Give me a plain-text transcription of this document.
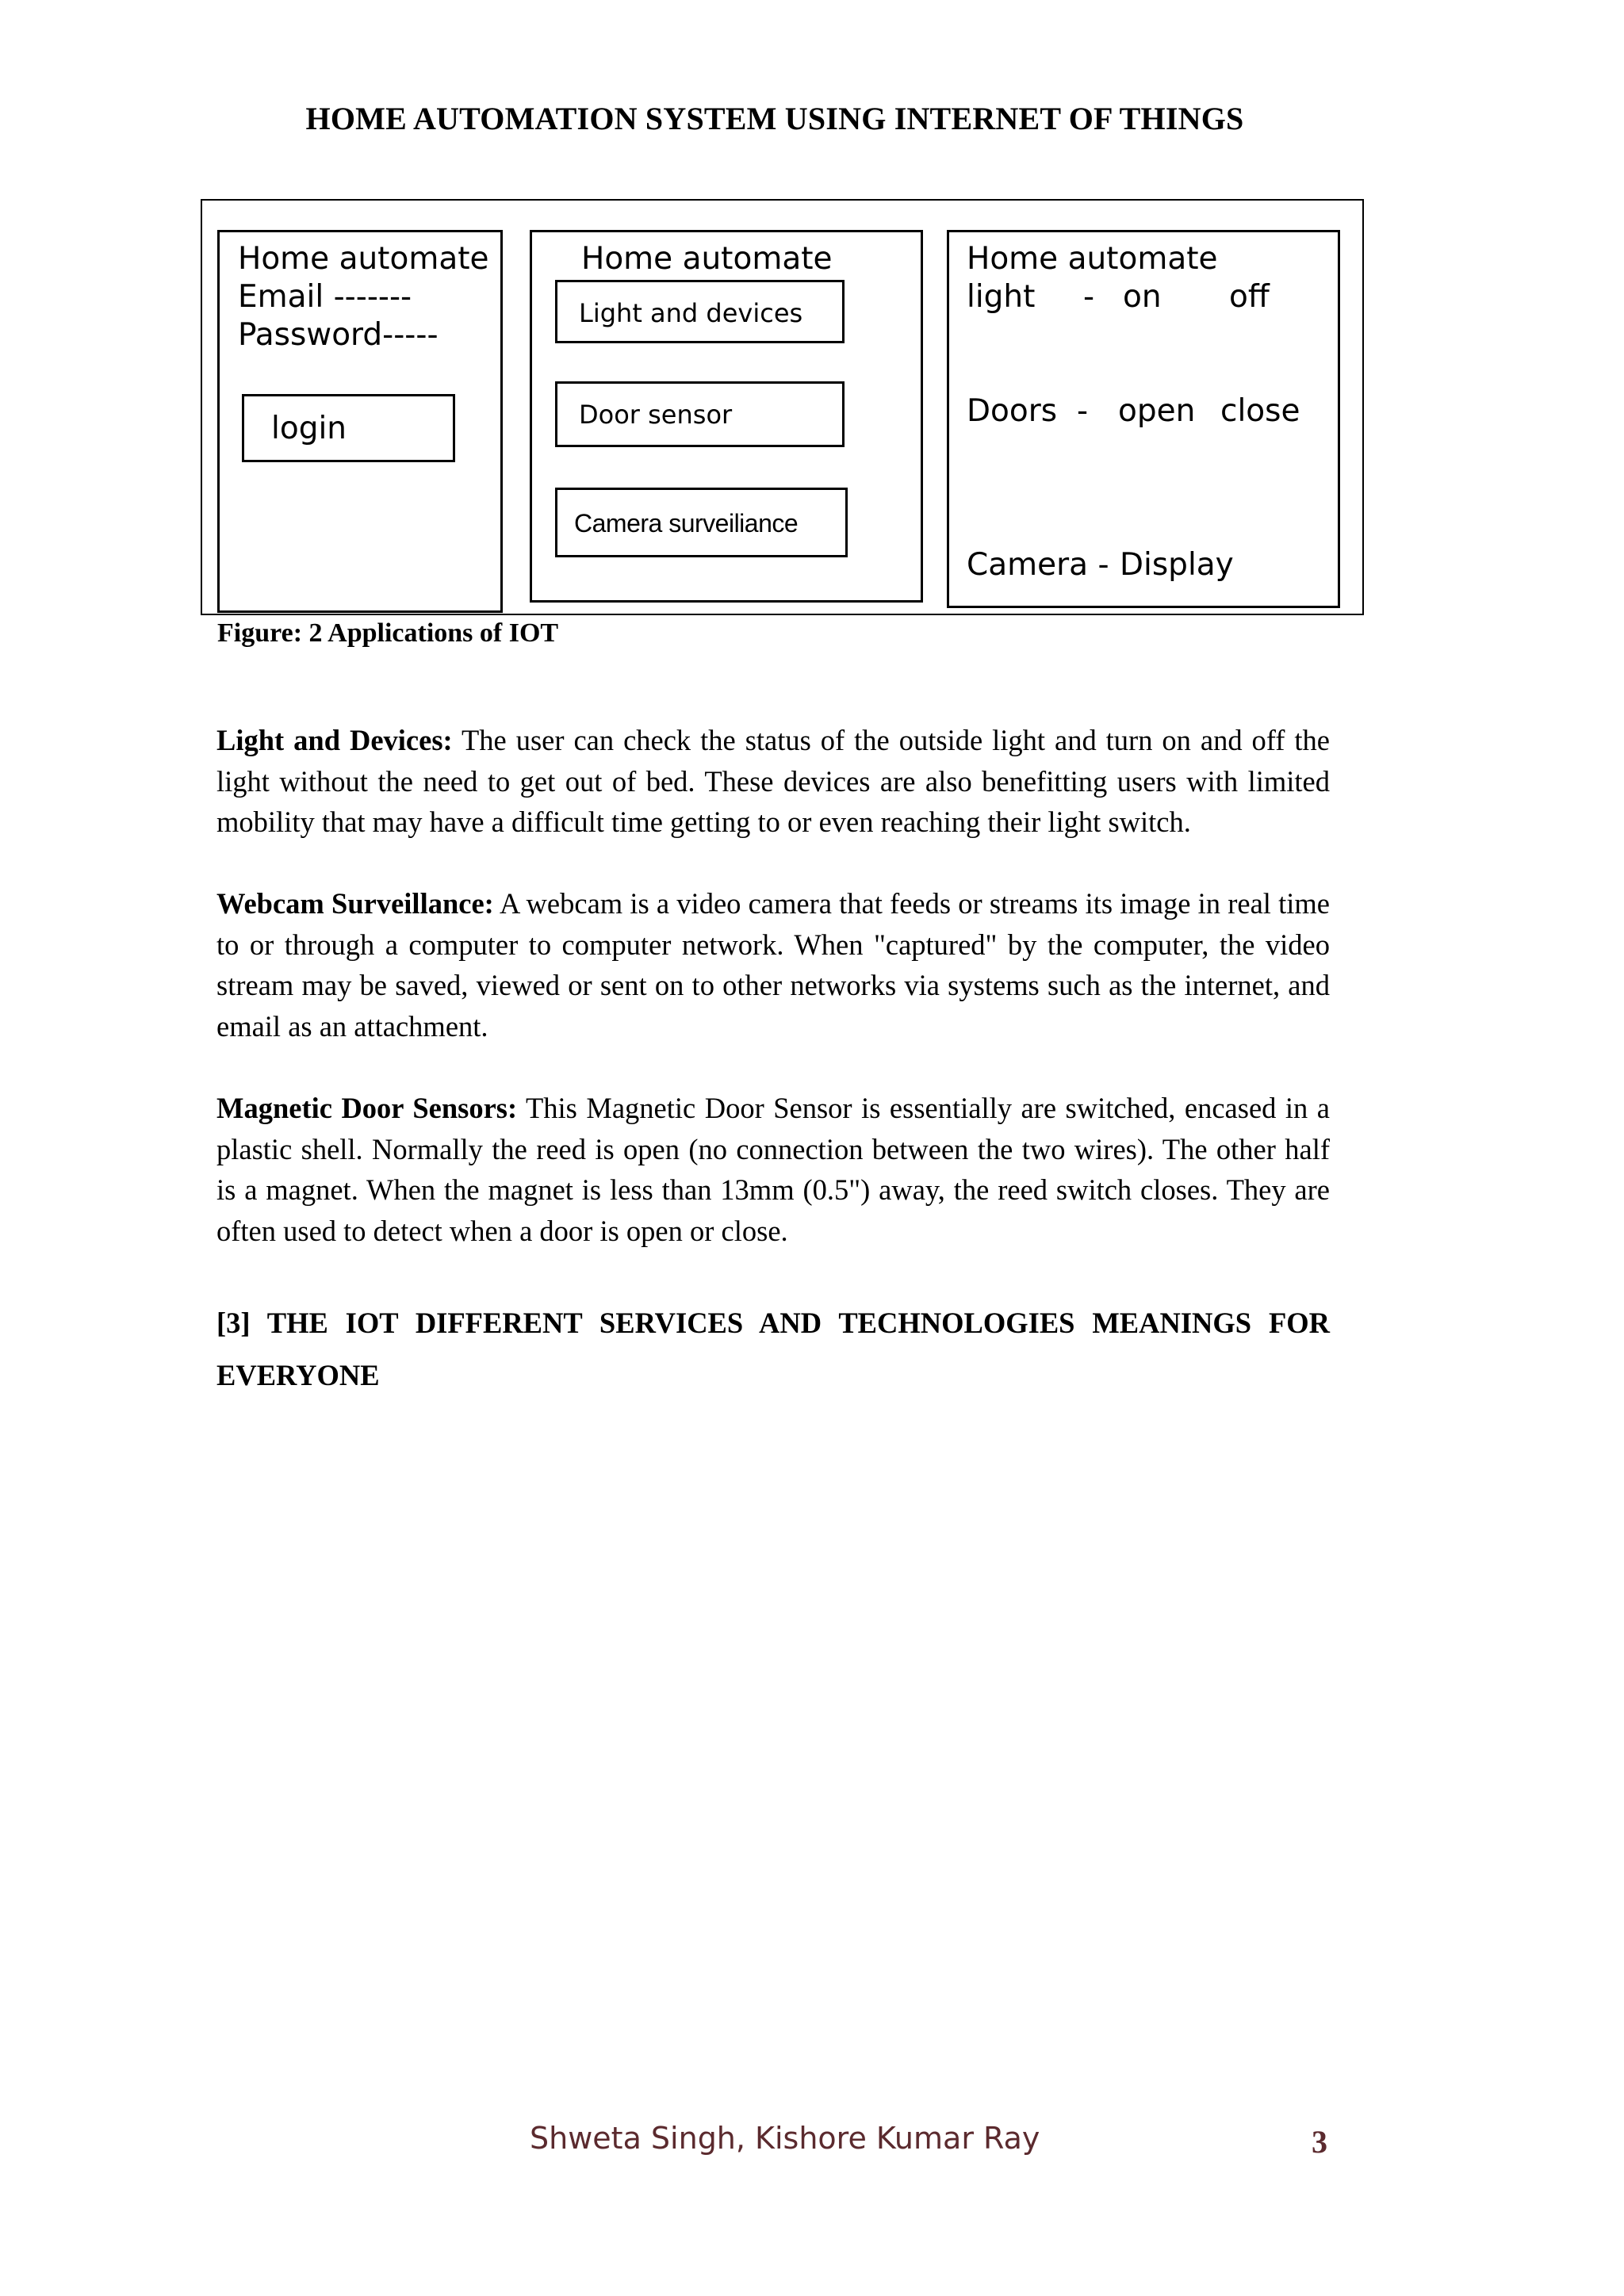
HOME AUTOMATION SYSTEM USING INTERNET OF THINGS
Home automate
Email -------
Password-----
login
Home automate
Light and devices
Door sensor
Camera surveiliance
Home automate
light - on off
Doors - open close
Camera - Display
Figure: 2 Applications of IOT

Light and Devices: The user can check the status of the outside light and turn on and off the light without the need to get out of bed. These devices are also benefitting users with limited mobility that may have a difficult time getting to or even reaching their light switch.

Webcam Surveillance: A webcam is a video camera that feeds or streams its image in real time to or through a computer to computer network. When "captured" by the computer, the video stream may be saved, viewed or sent on to other networks via systems such as the internet, and email as an attachment.

Magnetic Door Sensors: This Magnetic Door Sensor is essentially are switched, encased in a plastic shell. Normally the reed is open (no connection between the two wires). The other half is a magnet. When the magnet is less than 13mm (0.5") away, the reed switch closes. They are often used to detect when a door is open or close.

[3] THE IOT DIFFERENT SERVICES AND TECHNOLOGIES MEANINGS FOR EVERYONE

Shweta Singh, Kishore Kumar Ray	3
